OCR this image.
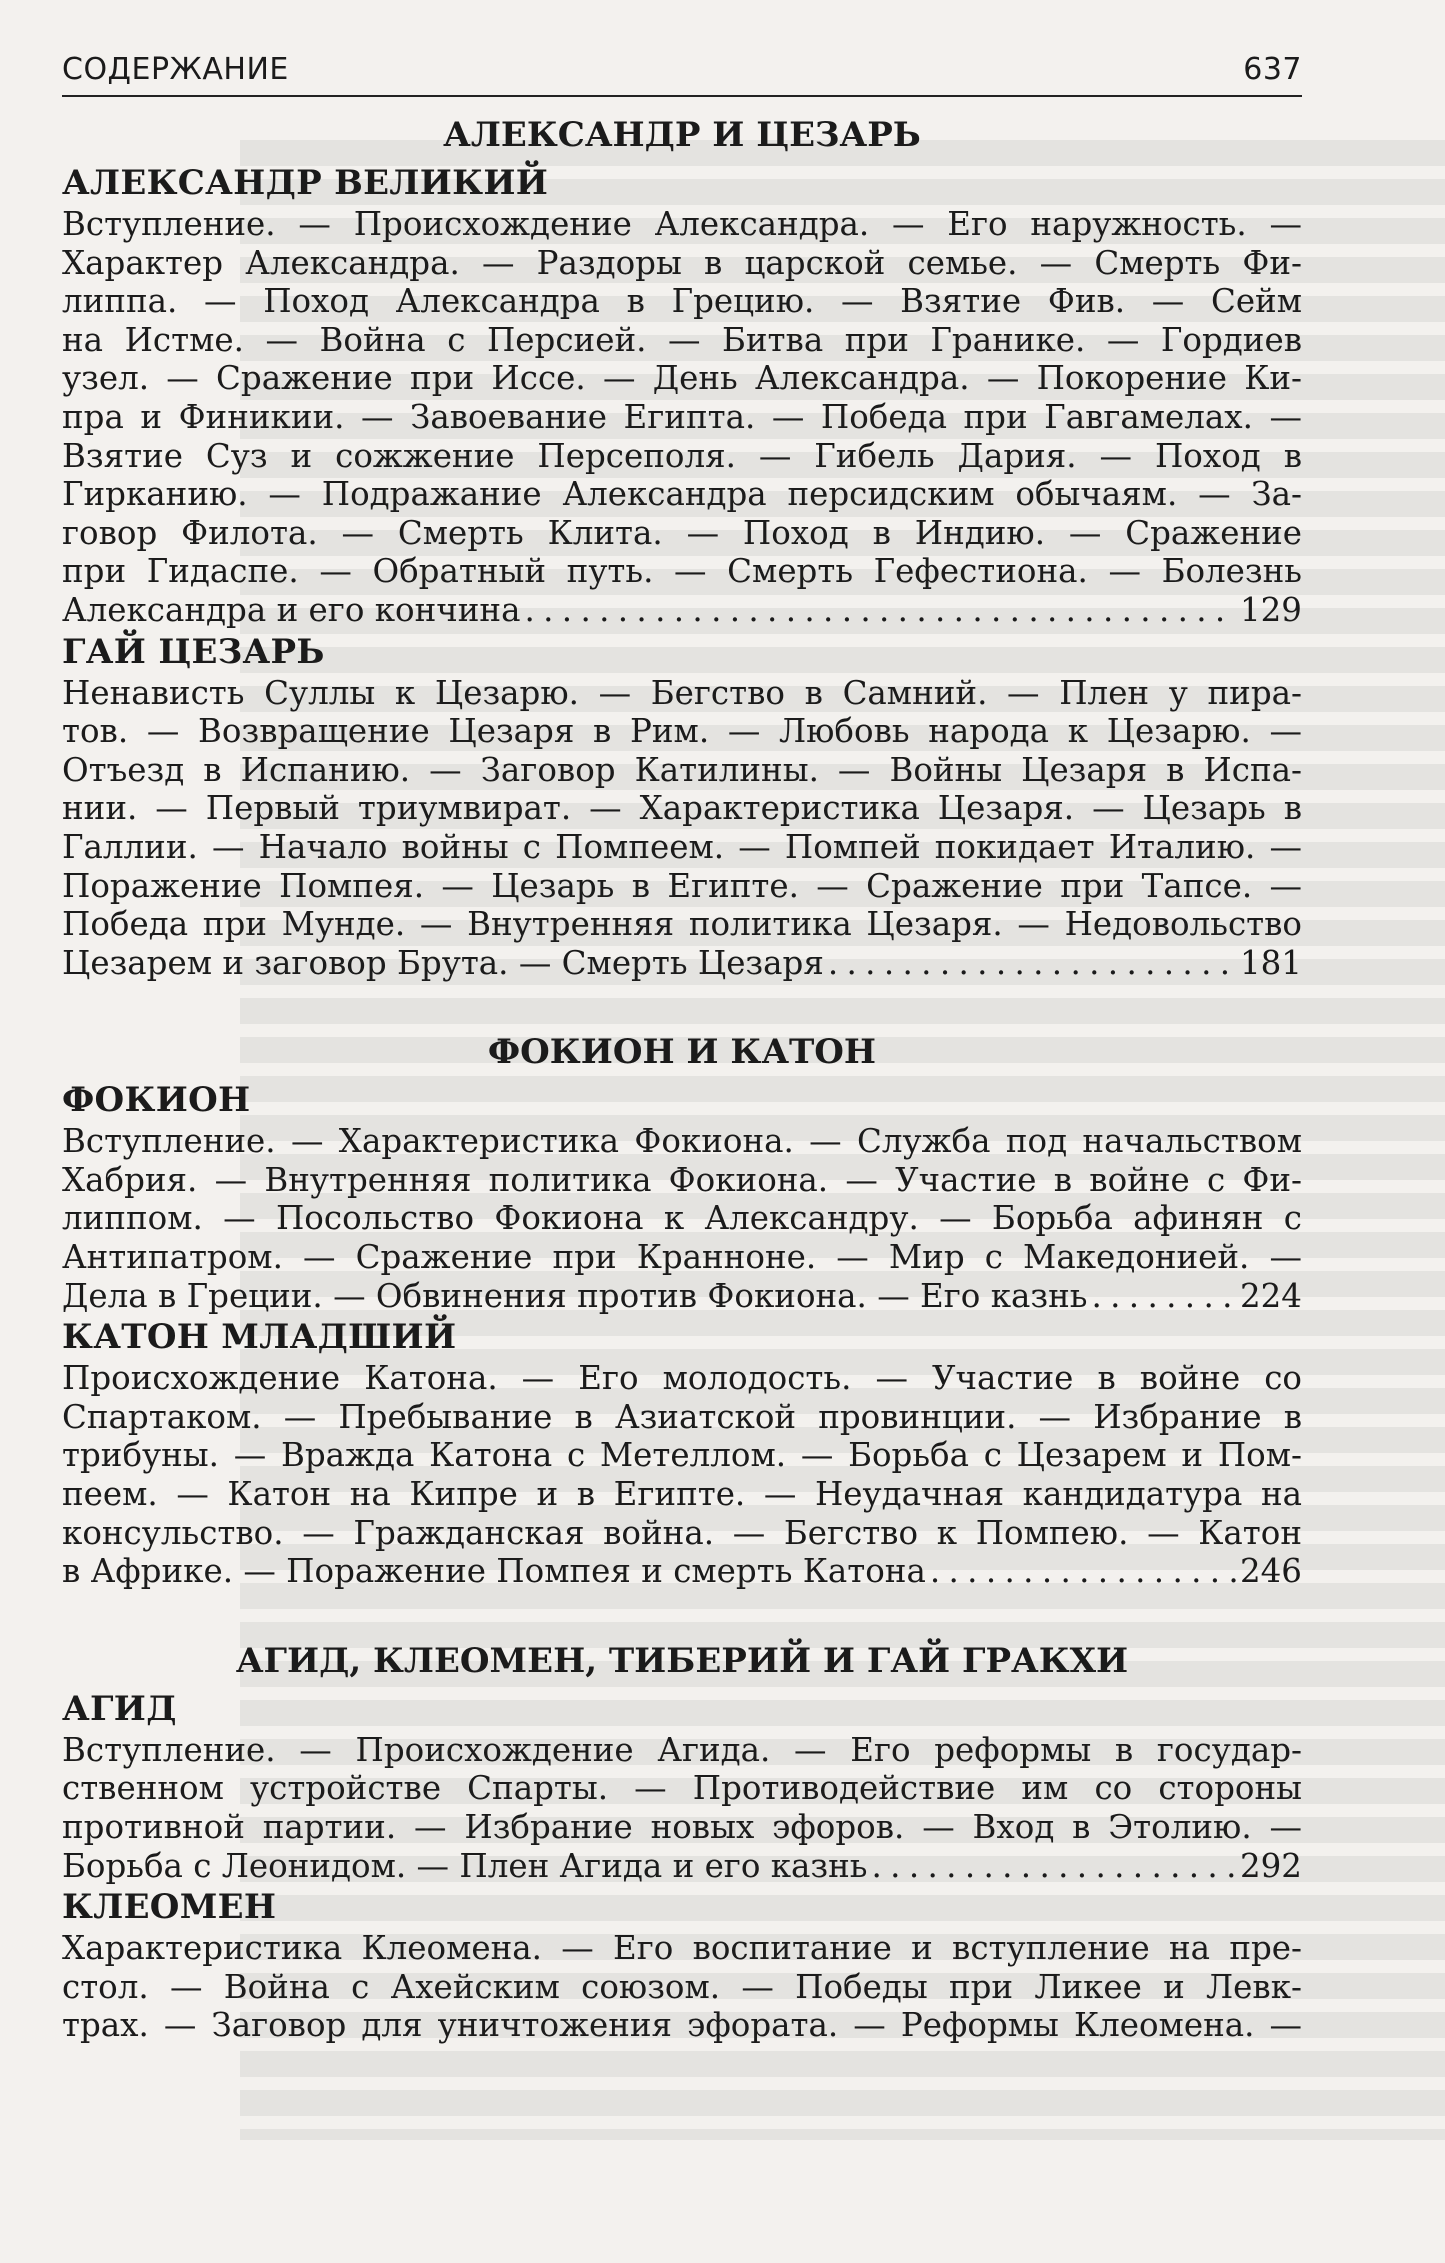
СОДЕРЖАНИЕ	637
АЛЕКСАНДР И ЦЕЗАРЬ
АЛЕКСАНДР ВЕЛИКИЙ
Вступление. — Происхождение Александра. — Его наружность. —
Характер Александра. — Раздоры в царской семье. — Смерть Фи-
липпа. — Поход Александра в Грецию. — Взятие Фив. — Сейм
на Истме. — Война с Персией. — Битва при Гранике. — Гордиев
узел. — Сражение при Иссе. — День Александра. — Покорение Ки-
пра и Финикии. — Завоевание Египта. — Победа при Гавгамелах. —
Взятие Суз и сожжение Персеполя. — Гибель Дария. — Поход в
Гирканию. — Подражание Александра персидским обычаям. — За-
говор Филота. — Смерть Клита. — Поход в Индию. — Сражение
при Гидаспе. — Обратный путь. — Смерть Гефестиона. — Болезнь
Александра и его кончина . . .	129
ГАЙ ЦЕЗАРЬ
Ненависть Суллы к Цезарю. — Бегство в Самний. — Плен у пира-
тов. — Возвращение Цезаря в Рим. — Любовь народа к Цезарю. —
Отъезд в Испанию. — Заговор Катилины. — Войны Цезаря в Испа-
нии. — Первый триумвират. — Характеристика Цезаря. — Цезарь в
Галлии. — Начало войны с Помпеем. — Помпей покидает Италию. —
Поражение Помпея. — Цезарь в Египте. — Сражение при Тапсе. —
Победа при Мунде. — Внутренняя политика Цезаря. — Недовольство
Цезарем и заговор Брута. — Смерть Цезаря . . .	181
ФОКИОН И КАТОН
ФОКИОН
Вступление. — Характеристика Фокиона. — Служба под начальством
Хабрия. — Внутренняя политика Фокиона. — Участие в войне с Фи-
липпом. — Посольство Фокиона к Александру. — Борьба афинян с
Антипатром. — Сражение при Кранноне. — Мир с Македонией. —
Дела в Греции. — Обвинения против Фокиона. — Его казнь . . .	224
КАТОН МЛАДШИЙ
Происхождение Катона. — Его молодость. — Участие в войне со
Спартаком. — Пребывание в Азиатской провинции. — Избрание в
трибуны. — Вражда Катона с Метеллом. — Борьба с Цезарем и Пом-
пеем. — Катон на Кипре и в Египте. — Неудачная кандидатура на
консульство. — Гражданская война. — Бегство к Помпею. — Катон
в Африке. — Поражение Помпея и смерть Катона . . .	246
АГИД, КЛЕОМЕН, ТИБЕРИЙ И ГАЙ ГРАКХИ
АГИД
Вступление. — Происхождение Агида. — Его реформы в государ-
ственном устройстве Спарты. — Противодействие им со стороны
противной партии. — Избрание новых эфоров. — Вход в Этолию. —
Борьба с Леонидом. — Плен Агида и его казнь . . .	292
КЛЕОМЕН
Характеристика Клеомена. — Его воспитание и вступление на пре-
стол. — Война с Ахейским союзом. — Победы при Ликее и Левк-
трах. — Заговор для уничтожения эфората. — Реформы Клеомена. —
